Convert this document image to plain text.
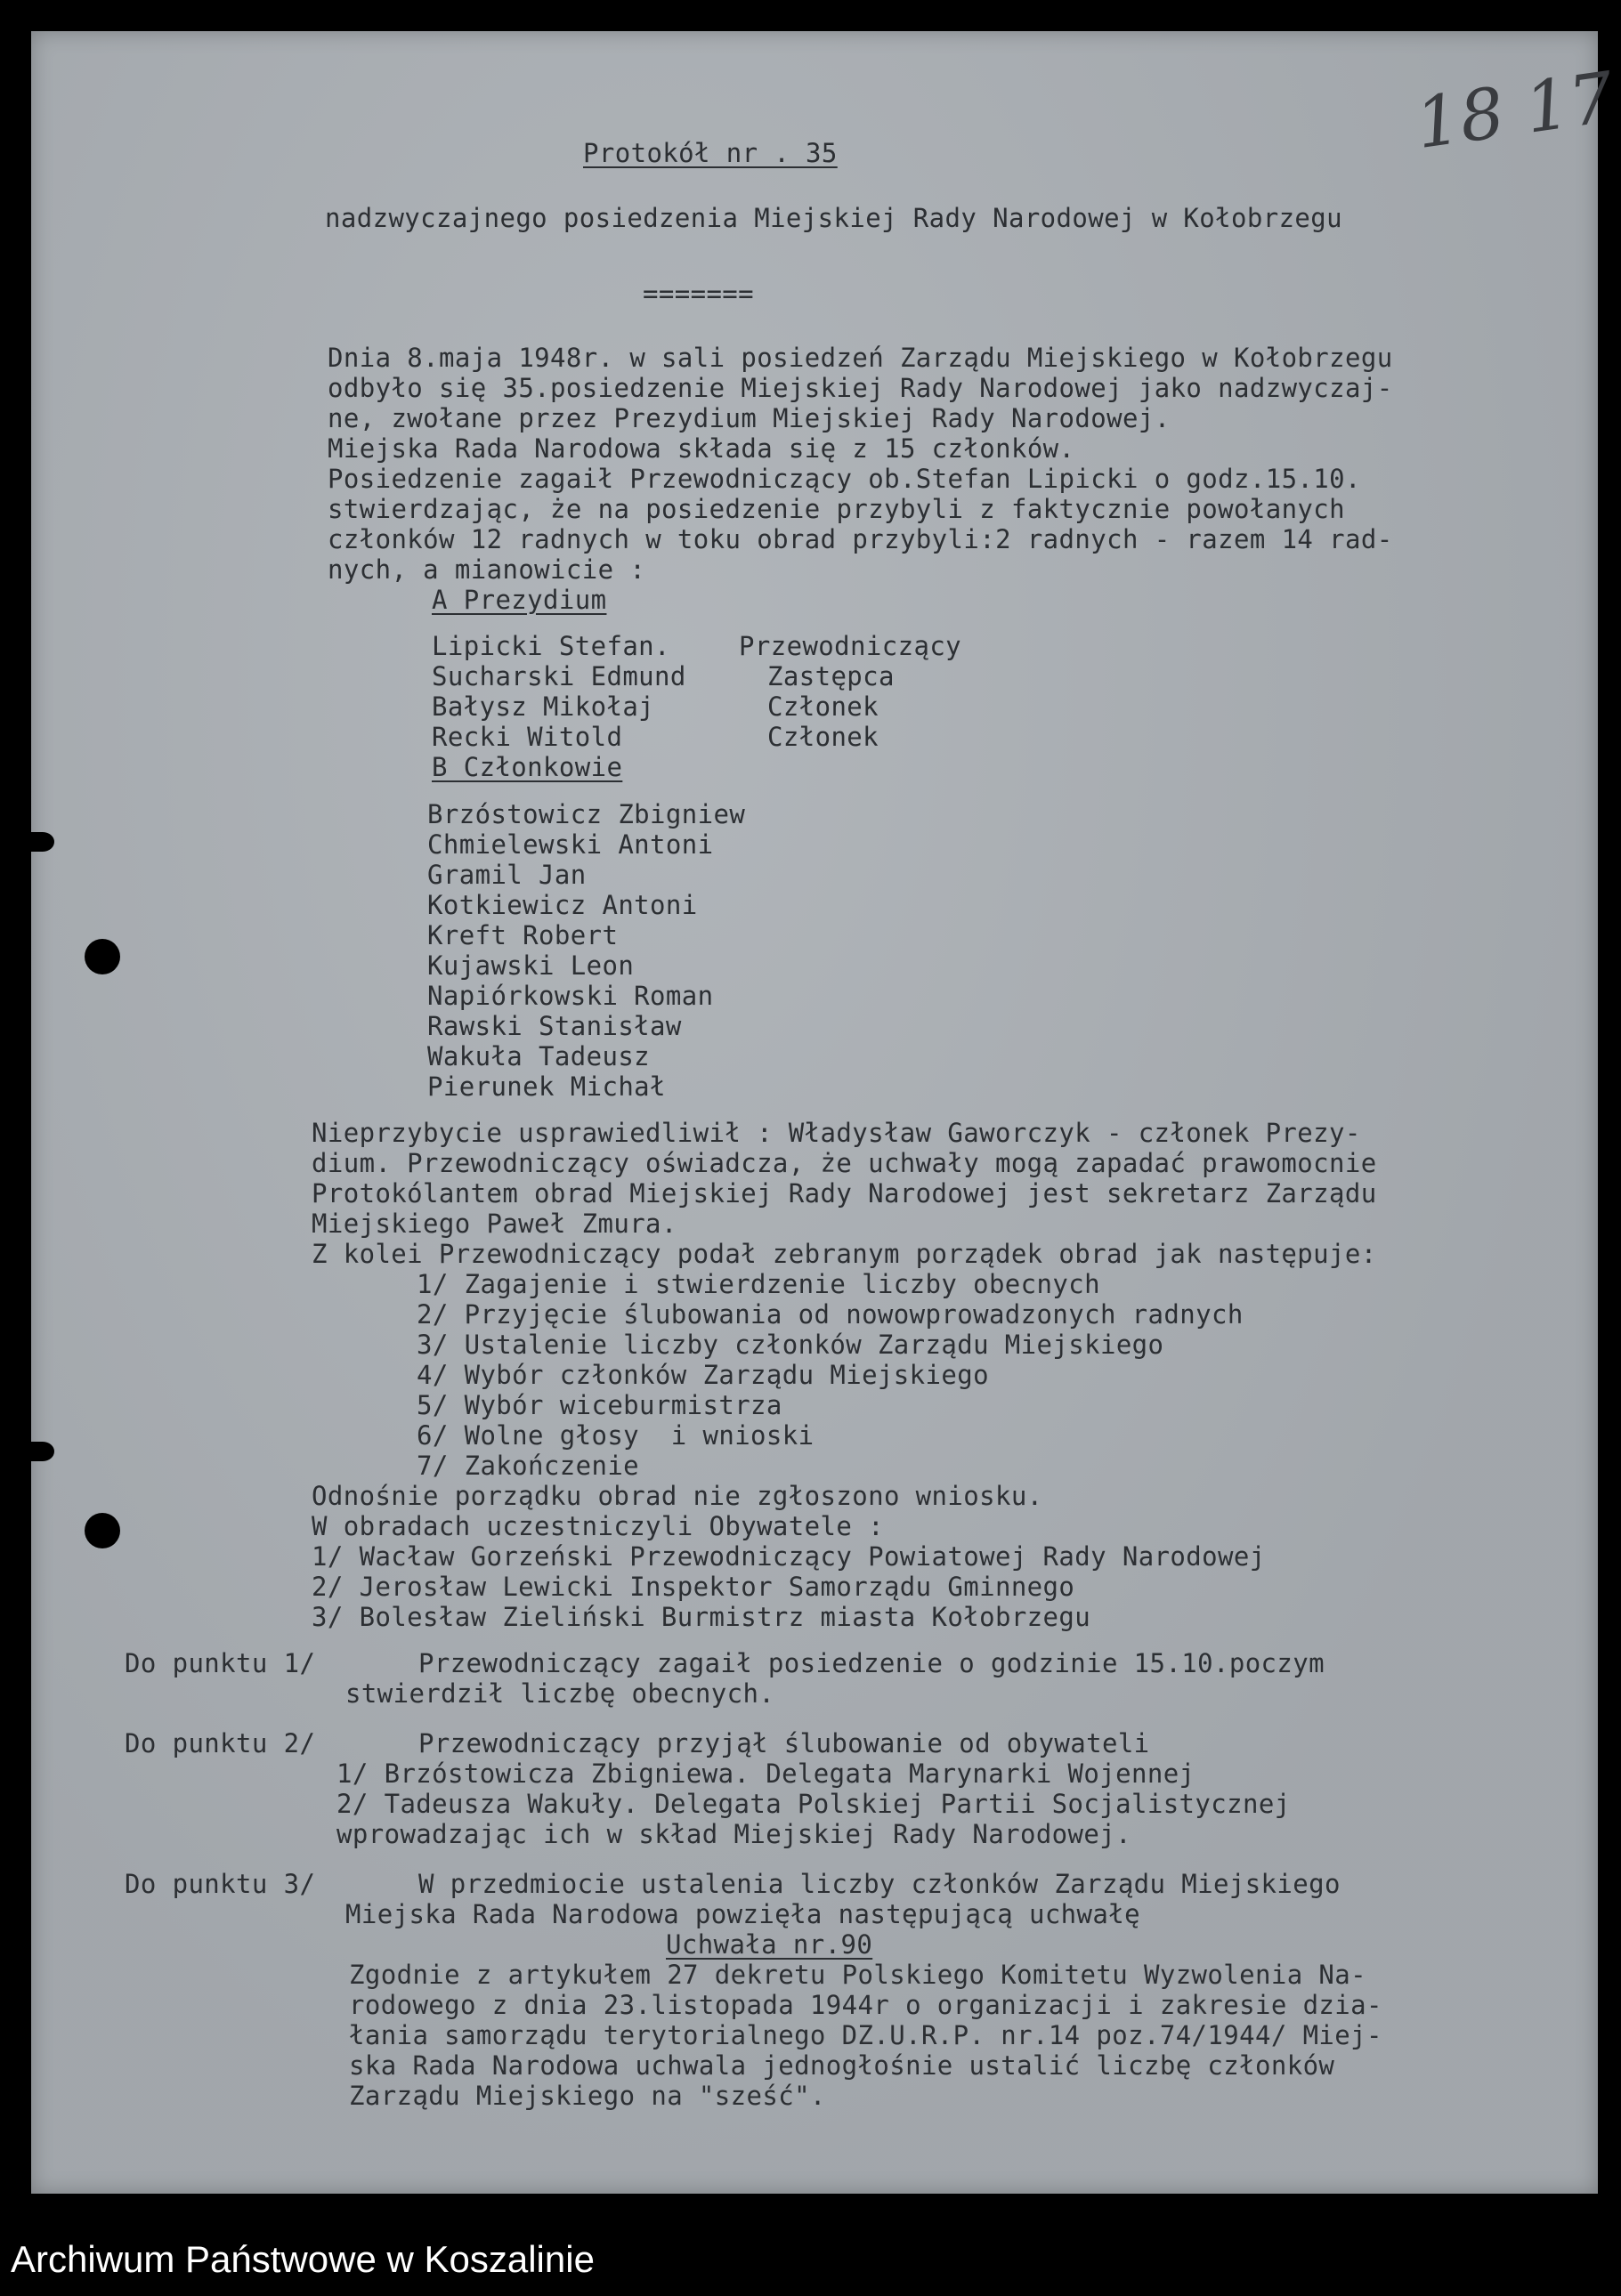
18 17
Protokół nr . 35
nadzwyczajnego posiedzenia Miejskiej Rady Narodowej w Kołobrzegu
=======
Dnia 8.maja 1948r. w sali posiedzeń Zarządu Miejskiego w Kołobrzegu
odbyło się 35.posiedzenie Miejskiej Rady Narodowej jako nadzwyczaj-
ne, zwołane przez Prezydium Miejskiej Rady Narodowej.
Miejska Rada Narodowa składa się z 15 członków.
Posiedzenie zagaił Przewodniczący ob.Stefan Lipicki o godz.15.10.
stwierdzając, że na posiedzenie przybyli z faktycznie powołanych
członków 12 radnych w toku obrad przybyli:2 radnych - razem 14 rad-
nych, a mianowicie :
A Prezydium
Lipicki Stefan.	Przewodniczący
Sucharski Edmund	Zastępca
Bałysz Mikołaj	Członek
Recki Witold	Członek
B Członkowie
Brzóstowicz Zbigniew
Chmielewski Antoni
Gramil Jan
Kotkiewicz Antoni
Kreft Robert
Kujawski Leon
Napiórkowski Roman
Rawski Stanisław
Wakuła Tadeusz
Pierunek Michał
Nieprzybycie usprawiedliwił : Władysław Gaworczyk - członek Prezy-
dium. Przewodniczący oświadcza, że uchwały mogą zapadać prawomocnie
Protokólantem obrad Miejskiej Rady Narodowej jest sekretarz Zarządu
Miejskiego Paweł Zmura.
Z kolei Przewodniczący podał zebranym porządek obrad jak następuje:
1/ Zagajenie i stwierdzenie liczby obecnych
2/ Przyjęcie ślubowania od nowowprowadzonych radnych
3/ Ustalenie liczby członków Zarządu Miejskiego
4/ Wybór członków Zarządu Miejskiego
5/ Wybór wiceburmistrza
6/ Wolne głosy  i wnioski
7/ Zakończenie
Odnośnie porządku obrad nie zgłoszono wniosku.
W obradach uczestniczyli Obywatele :
1/ Wacław Gorzeński Przewodniczący Powiatowej Rady Narodowej
2/ Jerosław Lewicki Inspektor Samorządu Gminnego
3/ Bolesław Zieliński Burmistrz miasta Kołobrzegu
Do punktu 1/	Przewodniczący zagaił posiedzenie o godzinie 15.10.poczym
stwierdził liczbę obecnych.
Do punktu 2/	Przewodniczący przyjął ślubowanie od obywateli
1/ Brzóstowicza Zbigniewa. Delegata Marynarki Wojennej
2/ Tadeusza Wakuły. Delegata Polskiej Partii Socjalistycznej
wprowadzając ich w skład Miejskiej Rady Narodowej.
Do punktu 3/	W przedmiocie ustalenia liczby członków Zarządu Miejskiego
Miejska Rada Narodowa powzięła następującą uchwałę
Uchwała nr.90
Zgodnie z artykułem 27 dekretu Polskiego Komitetu Wyzwolenia Na-
rodowego z dnia 23.listopada 1944r o organizacji i zakresie dzia-
łania samorządu terytorialnego DZ.U.R.P. nr.14 poz.74/1944/ Miej-
ska Rada Narodowa uchwala jednogłośnie ustalić liczbę członków
Zarządu Miejskiego na "sześć".
Archiwum Państwowe w Koszalinie
